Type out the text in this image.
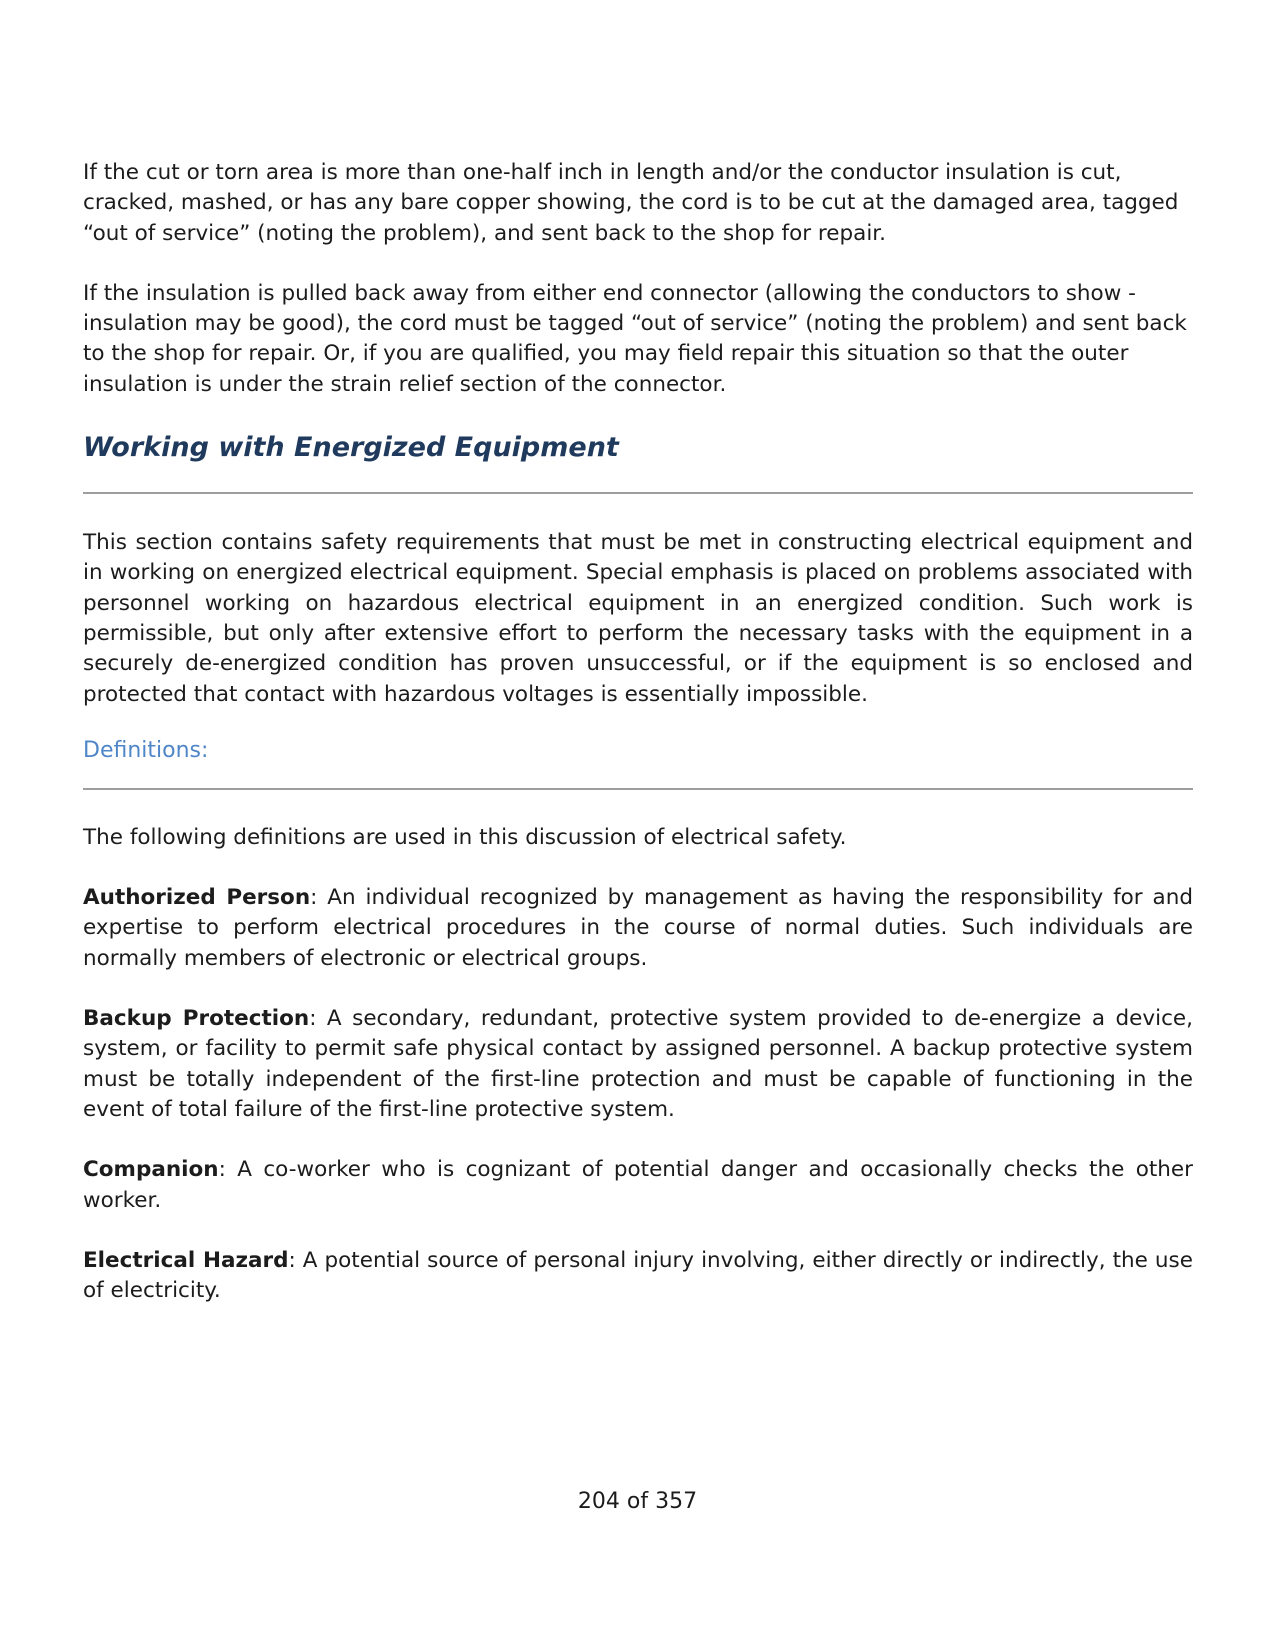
If the cut or torn area is more than one-half inch in length and/or the conductor insulation is cut, cracked, mashed, or has any bare copper showing, the cord is to be cut at the damaged area, tagged “out of service” (noting the problem), and sent back to the shop for repair.

If the insulation is pulled back away from either end connector (allowing the conductors to show - insulation may be good), the cord must be tagged “out of service” (noting the problem) and sent back to the shop for repair. Or, if you are qualified, you may field repair this situation so that the outer insulation is under the strain relief section of the connector.

Working with Energized Equipment

This section contains safety requirements that must be met in constructing electrical equipment and in working on energized electrical equipment. Special emphasis is placed on problems associated with personnel working on hazardous electrical equipment in an energized condition. Such work is permissible, but only after extensive effort to perform the necessary tasks with the equipment in a securely de-energized condition has proven unsuccessful, or if the equipment is so enclosed and protected that contact with hazardous voltages is essentially impossible.

Definitions:

The following definitions are used in this discussion of electrical safety.

Authorized Person: An individual recognized by management as having the responsibility for and expertise to perform electrical procedures in the course of normal duties. Such individuals are normally members of electronic or electrical groups.

Backup Protection: A secondary, redundant, protective system provided to de-energize a device, system, or facility to permit safe physical contact by assigned personnel. A backup protective system must be totally independent of the first-line protection and must be capable of functioning in the event of total failure of the first-line protective system.

Companion: A co-worker who is cognizant of potential danger and occasionally checks the other worker.

Electrical Hazard: A potential source of personal injury involving, either directly or indirectly, the use of electricity.

204 of 357
